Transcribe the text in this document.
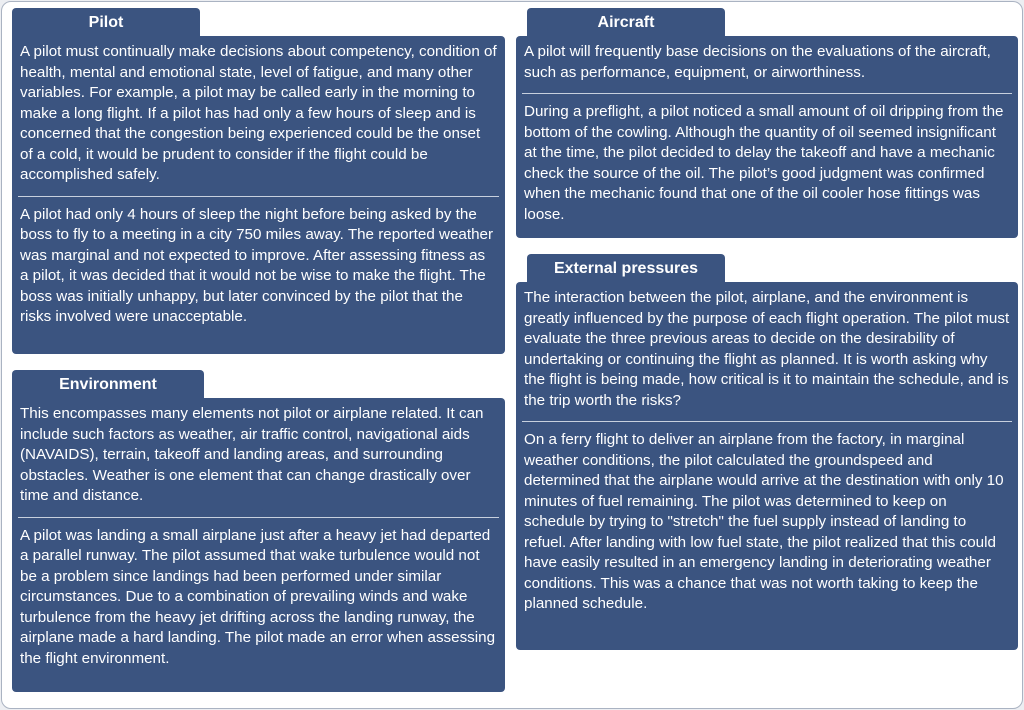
Pilot

A pilot must continually make decisions about competency, condition of health, mental and emotional state, level of fatigue, and many other variables. For example, a pilot may be called early in the morning to make a long flight. If a pilot has had only a few hours of sleep and is concerned that the congestion being experienced could be the onset of a cold, it would be prudent to consider if the flight could be accomplished safely.

A pilot had only 4 hours of sleep the night before being asked by the boss to fly to a meeting in a city 750 miles away. The reported weather was marginal and not expected to improve. After assessing fitness as a pilot, it was decided that it would not be wise to make the flight. The boss was initially unhappy, but later convinced by the pilot that the risks involved were unacceptable.

Environment

This encompasses many elements not pilot or airplane related. It can include such factors as weather, air traffic control, navigational aids (NAVAIDS), terrain, takeoff and landing areas, and surrounding obstacles. Weather is one element that can change drastically over time and distance.

A pilot was landing a small airplane just after a heavy jet had departed a parallel runway. The pilot assumed that wake turbulence would not be a problem since landings had been performed under similar circumstances. Due to a combination of prevailing winds and wake turbulence from the heavy jet drifting across the landing runway, the airplane made a hard landing. The pilot made an error when assessing the flight environment.

Aircraft

A pilot will frequently base decisions on the evaluations of the aircraft, such as performance, equipment, or airworthiness.

During a preflight, a pilot noticed a small amount of oil dripping from the bottom of the cowling. Although the quantity of oil seemed insignificant at the time, the pilot decided to delay the takeoff and have a mechanic check the source of the oil. The pilot’s good judgment was confirmed when the mechanic found that one of the oil cooler hose fittings was loose.

External pressures

The interaction between the pilot, airplane, and the environment is greatly influenced by the purpose of each flight operation. The pilot must evaluate the three previous areas to decide on the desirability of undertaking or continuing the flight as planned. It is worth asking why the flight is being made, how critical is it to maintain the schedule, and is the trip worth the risks?

On a ferry flight to deliver an airplane from the factory, in marginal weather conditions, the pilot calculated the groundspeed and determined that the airplane would arrive at the destination with only 10 minutes of fuel remaining. The pilot was determined to keep on schedule by trying to "stretch" the fuel supply instead of landing to refuel. After landing with low fuel state, the pilot realized that this could have easily resulted in an emergency landing in deteriorating weather conditions. This was a chance that was not worth taking to keep the planned schedule.
